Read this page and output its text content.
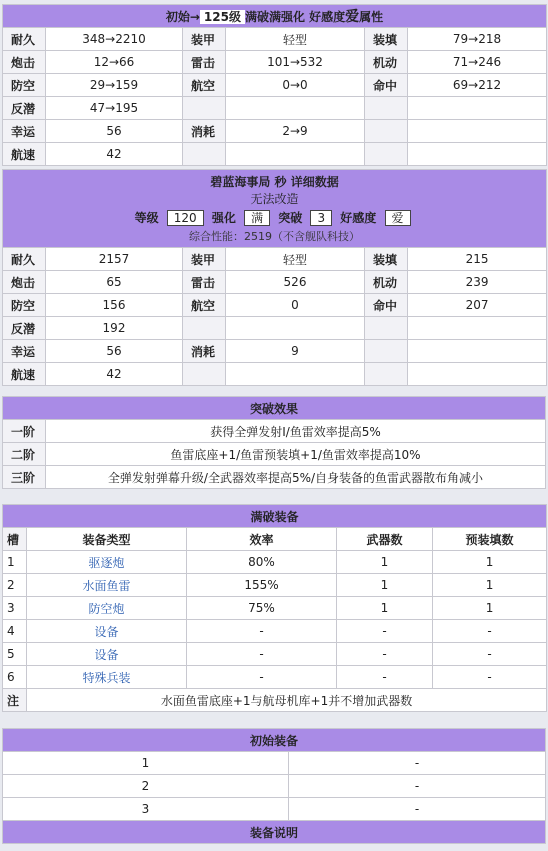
初始→ 125级 满破满强化 好感度爱属性					
耐久	348→2210	装甲	轻型	装填	79→218
炮击	12→66	雷击	101→532	机动	71→246
防空	29→159	航空	0→0	命中	69→212
反潜	47→195				
幸运	56	消耗	2→9		
航速	42				
碧蓝海事局 秒 详细数据
无法改造
等级 120 强化 满 突破 3 好感度 爱
综合性能：2519（不含舰队科技）					

耐久	2157	装甲	轻型	装填	215
炮击	65	雷击	526	机动	239
防空	156	航空	0	命中	207
反潜	192				
幸运	56	消耗	9		
航速	42				
突破效果	
一阶	获得全弹发射I/鱼雷效率提高5%
二阶	鱼雷底座+1/鱼雷预装填+1/鱼雷效率提高10%
三阶	全弹发射弹幕升级/全武器效率提高5%/自身装备的鱼雷武器散布角减小
满破装备				
槽	装备类型	效率	武器数	预装填数
1	驱逐炮	80%	1	1
2	水面鱼雷	155%	1	1
3	防空炮	75%	1	1
4	设备	-	-	-
5	设备	-	-	-
6	特殊兵装	-	-	-
注	水面鱼雷底座+1与航母机库+1并不增加武器数			
初始装备	
1	-
2	-
3	-
装备说明	
